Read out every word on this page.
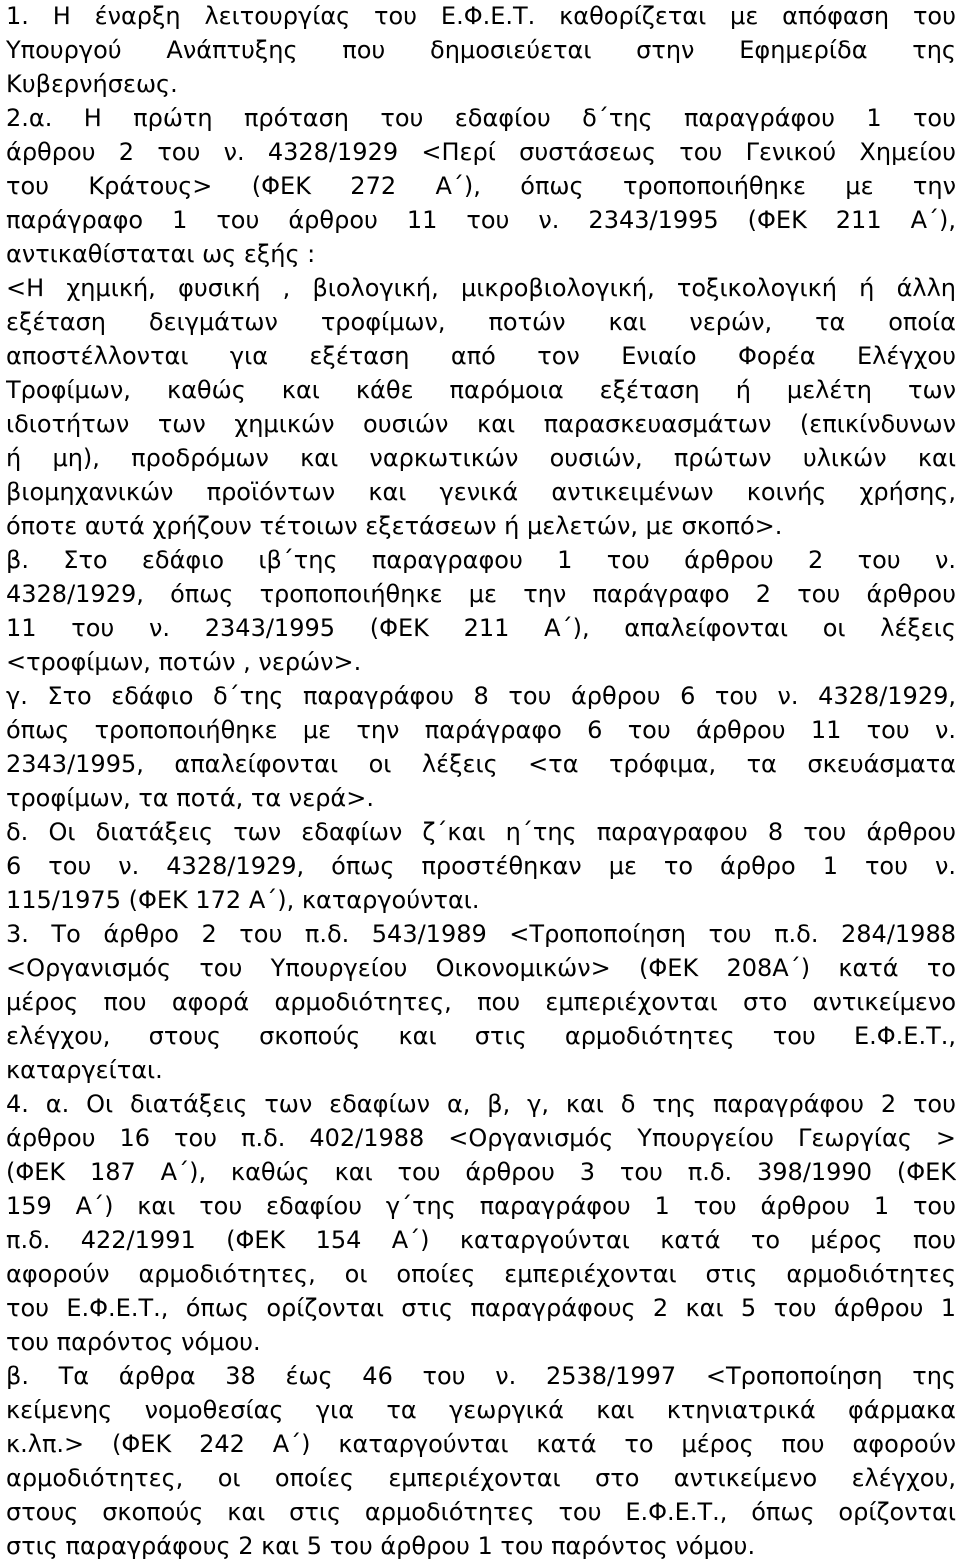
1. Η έναρξη λειτουργίας του Ε.Φ.Ε.Τ. καθορίζεται με απόφαση του
Υπουργού Ανάπτυξης που δημοσιεύεται στην Εφημερίδα της
Κυβερνήσεως.
2.α. Η πρώτη πρόταση του εδαφίου δ΄της παραγράφου 1 του
άρθρου 2 του ν. 4328/1929 <Περί συστάσεως του Γενικού Χημείου
του Κράτους> (ΦΕΚ 272 Α΄), όπως τροποποιήθηκε με την
παράγραφο 1 του άρθρου 11 του ν. 2343/1995 (ΦΕΚ 211 Α΄),
αντικαθίσταται ως εξής :
<Η χημική, φυσική , βιολογική, μικροβιολογική, τοξικολογική ή άλλη
εξέταση δειγμάτων τροφίμων, ποτών και νερών, τα οποία
αποστέλλονται για εξέταση από τον Ενιαίο Φορέα Ελέγχου
Τροφίμων, καθώς και κάθε παρόμοια εξέταση ή μελέτη των
ιδιοτήτων των χημικών ουσιών και παρασκευασμάτων (επικίνδυνων
ή μη), προδρόμων και ναρκωτικών ουσιών, πρώτων υλικών και
βιομηχανικών προϊόντων και γενικά αντικειμένων κοινής χρήσης,
όποτε αυτά χρήζουν τέτοιων εξετάσεων ή μελετών, με σκοπό>.
β. Στο εδάφιο ιβ΄της παραγραφου 1 του άρθρου 2 του ν.
4328/1929, όπως τροποποιήθηκε με την παράγραφο 2 του άρθρου
11 του ν. 2343/1995 (ΦΕΚ 211 Α΄), απαλείφονται οι λέξεις
<τροφίμων, ποτών , νερών>.
γ. Στο εδάφιο δ΄της παραγράφου 8 του άρθρου 6 του ν. 4328/1929,
όπως τροποποιήθηκε με την παράγραφο 6 του άρθρου 11 του ν.
2343/1995, απαλείφονται οι λέξεις <τα τρόφιμα, τα σκευάσματα
τροφίμων, τα ποτά, τα νερά>.
δ. Οι διατάξεις των εδαφίων ζ΄και η΄της παραγραφου 8 του άρθρου
6 του ν. 4328/1929, όπως προστέθηκαν με το άρθρο 1 του ν.
115/1975 (ΦΕΚ 172 Α΄), καταργούνται.
3. Το άρθρο 2 του π.δ. 543/1989 <Τροποποίηση του π.δ. 284/1988
<Οργανισμός του Υπουργείου Οικονομικών> (ΦΕΚ 208Α΄) κατά το
μέρος που αφορά αρμοδιότητες, που εμπεριέχονται στο αντικείμενο
ελέγχου, στους σκοπούς και στις αρμοδιότητες του Ε.Φ.Ε.Τ.,
καταργείται.
4. α. Οι διατάξεις των εδαφίων α, β, γ, και δ της παραγράφου 2 του
άρθρου 16 του π.δ. 402/1988 <Οργανισμός Υπουργείου Γεωργίας >
(ΦΕΚ 187 Α΄), καθώς και του άρθρου 3 του π.δ. 398/1990 (ΦΕΚ
159 Α΄) και του εδαφίου γ΄της παραγράφου 1 του άρθρου 1 του
π.δ. 422/1991 (ΦΕΚ 154 Α΄) καταργούνται κατά το μέρος που
αφορούν αρμοδιότητες, οι οποίες εμπεριέχονται στις αρμοδιότητες
του Ε.Φ.Ε.Τ., όπως ορίζονται στις παραγράφους 2 και 5 του άρθρου 1
του παρόντος νόμου.
β. Τα άρθρα 38 έως 46 του ν. 2538/1997 <Τροποποίηση της
κείμενης νομοθεσίας για τα γεωργικά και κτηνιατρικά φάρμακα
κ.λπ.> (ΦΕΚ 242 Α΄) καταργούνται κατά το μέρος που αφορούν
αρμοδιότητες, οι οποίες εμπεριέχονται στο αντικείμενο ελέγχου,
στους σκοπούς και στις αρμοδιότητες του Ε.Φ.Ε.Τ., όπως ορίζονται
στις παραγράφους 2 και 5 του άρθρου 1 του παρόντος νόμου.
